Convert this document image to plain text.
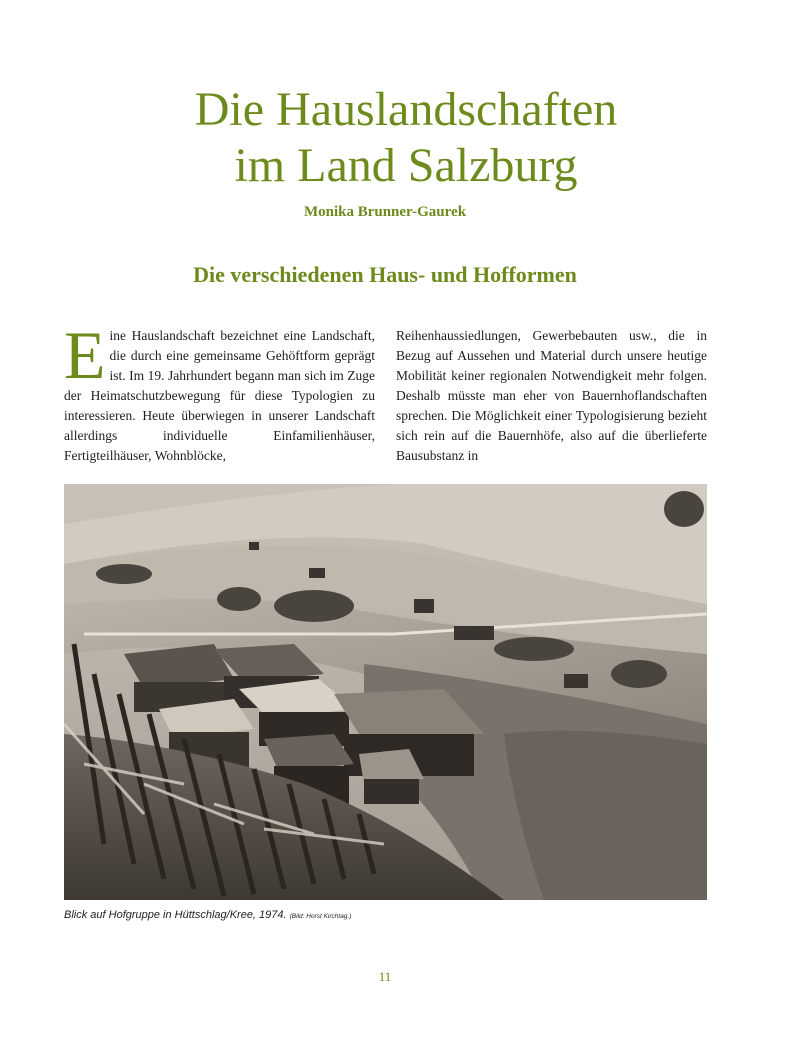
Die Hauslandschaften
im Land Salzburg
Monika Brunner-Gaurek
Die verschiedenen Haus- und Hofformen
Eine Hauslandschaft bezeichnet eine Landschaft, die durch eine gemeinsame Gehöftform geprägt ist. Im 19. Jahrhundert begann man sich im Zuge der Heimatschutzbewegung für diese Typologien zu interessieren. Heute überwiegen in unserer Landschaft allerdings individuelle Einfamilienhäuser, Fertigteilhäuser, Wohnblöcke,
Reihenhaussiedlungen, Gewerbebauten usw., die in Bezug auf Aussehen und Material durch unsere heutige Mobilität keiner regionalen Notwendigkeit mehr folgen. Deshalb müsste man eher von Bauernhoflandschaften sprechen. Die Möglichkeit einer Typologisierung bezieht sich rein auf die Bauernhöfe, also auf die überlieferte Bausubstanz in
Blick auf Hofgruppe in Hüttschlag/Kree, 1974. (Bild: Horst Kirchtag.)
11
